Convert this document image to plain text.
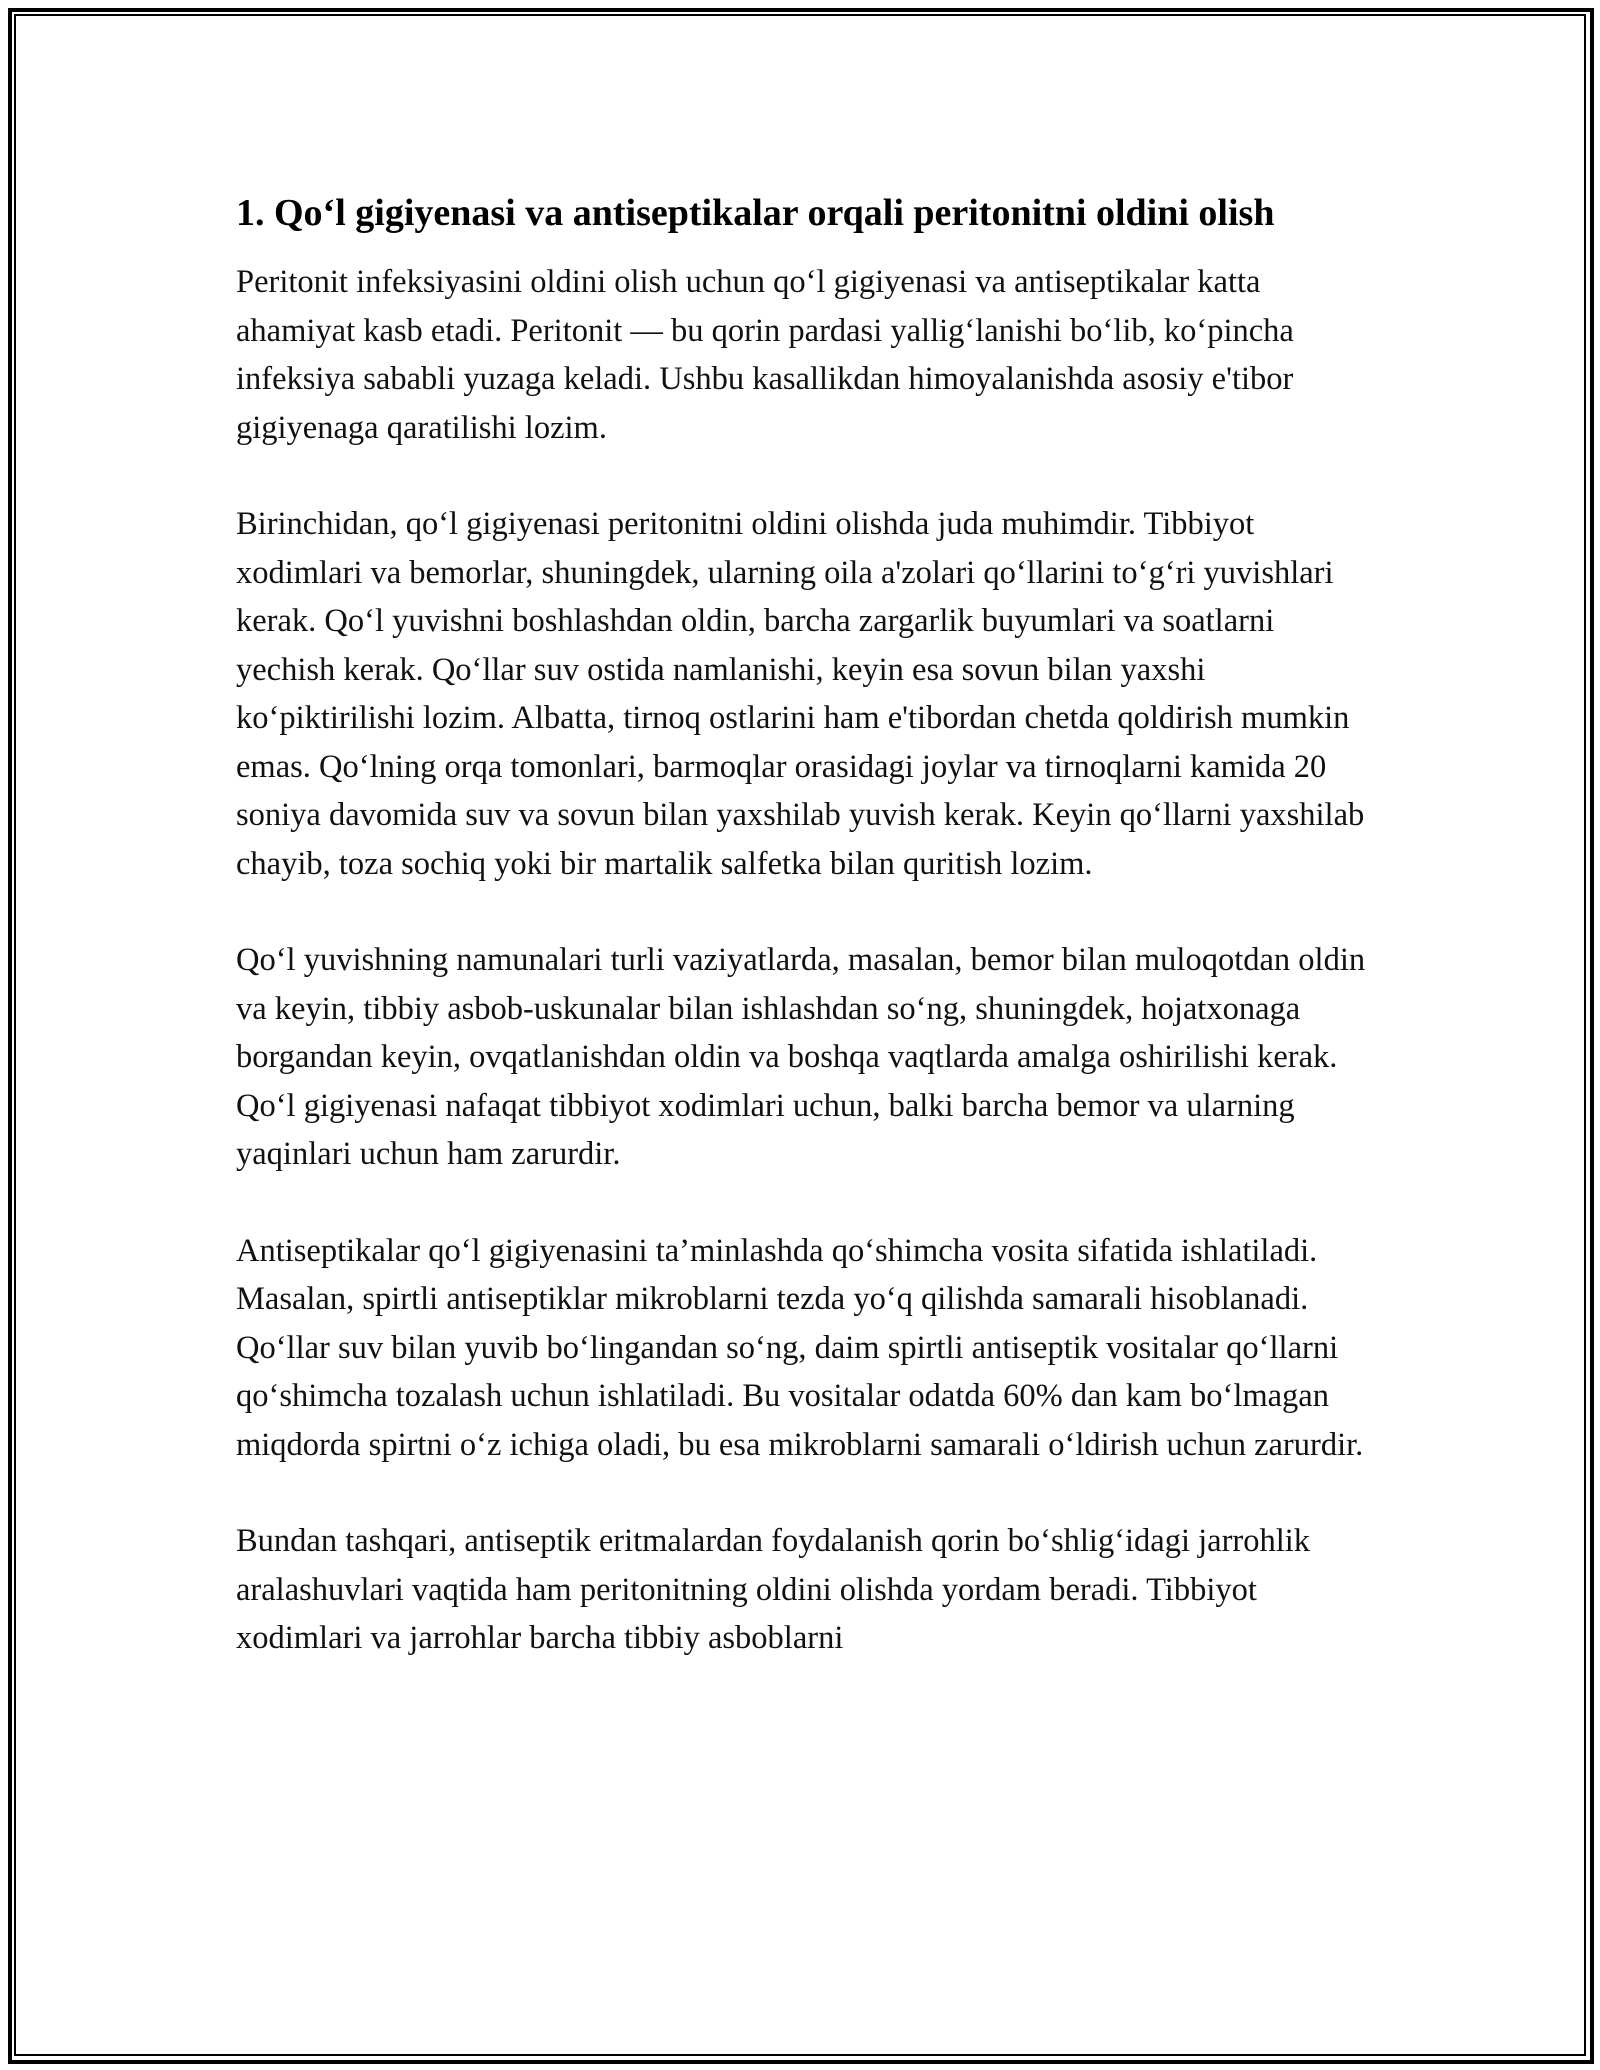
1. Qo‘l gigiyenasi va antiseptikalar orqali peritonitni oldini olish

Peritonit infeksiyasini oldini olish uchun qo‘l gigiyenasi va antiseptikalar katta ahamiyat kasb etadi. Peritonit — bu qorin pardasi yallig‘lanishi bo‘lib, ko‘pincha infeksiya sababli yuzaga keladi. Ushbu kasallikdan himoyalanishda asosiy e'tibor gigiyenaga qaratilishi lozim.

Birinchidan, qo‘l gigiyenasi peritonitni oldini olishda juda muhimdir. Tibbiyot xodimlari va bemorlar, shuningdek, ularning oila a'zolari qo‘llarini to‘g‘ri yuvishlari kerak. Qo‘l yuvishni boshlashdan oldin, barcha zargarlik buyumlari va soatlarni yechish kerak. Qo‘llar suv ostida namlanishi, keyin esa sovun bilan yaxshi ko‘piktirilishi lozim. Albatta, tirnoq ostlarini ham e'tibordan chetda qoldirish mumkin emas. Qo‘lning orqa tomonlari, barmoqlar orasidagi joylar va tirnoqlarni kamida 20 soniya davomida suv va sovun bilan yaxshilab yuvish kerak. Keyin qo‘llarni yaxshilab chayib, toza sochiq yoki bir martalik salfetka bilan quritish lozim.

Qo‘l yuvishning namunalari turli vaziyatlarda, masalan, bemor bilan muloqotdan oldin va keyin, tibbiy asbob-uskunalar bilan ishlashdan so‘ng, shuningdek, hojatxonaga borgandan keyin, ovqatlanishdan oldin va boshqa vaqtlarda amalga oshirilishi kerak. Qo‘l gigiyenasi nafaqat tibbiyot xodimlari uchun, balki barcha bemor va ularning yaqinlari uchun ham zarurdir.

Antiseptikalar qo‘l gigiyenasini ta’minlashda qo‘shimcha vosita sifatida ishlatiladi. Masalan, spirtli antiseptiklar mikroblarni tezda yo‘q qilishda samarali hisoblanadi. Qo‘llar suv bilan yuvib bo‘lingandan so‘ng, daim spirtli antiseptik vositalar qo‘llarni qo‘shimcha tozalash uchun ishlatiladi. Bu vositalar odatda 60% dan kam bo‘lmagan miqdorda spirtni o‘z ichiga oladi, bu esa mikroblarni samarali o‘ldirish uchun zarurdir.

Bundan tashqari, antiseptik eritmalardan foydalanish qorin bo‘shlig‘idagi jarrohlik aralashuvlari vaqtida ham peritonitning oldini olishda yordam beradi. Tibbiyot xodimlari va jarrohlar barcha tibbiy asboblarni
